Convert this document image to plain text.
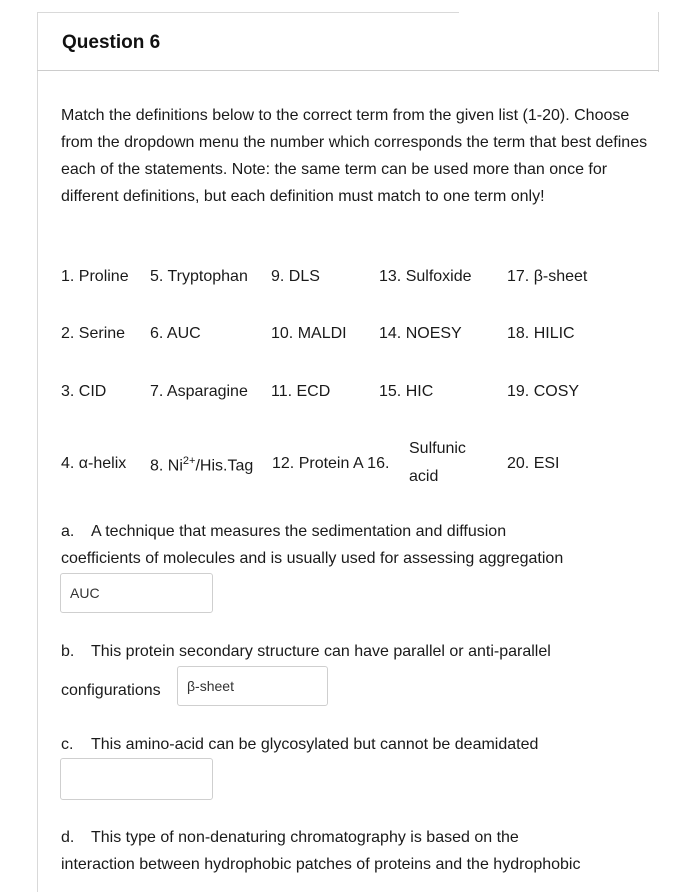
Question 6
Match the definitions below to the correct term from the given list (1-20). Choose from the dropdown menu the number which corresponds the term that best defines each of the statements. Note: the same term can be used more than once for different definitions, but each definition must match to one term only!
1. Proline 5. Tryptophan 9. DLS	13. Sulfoxide 17. β-sheet
2. Serine 6. AUC	10. MALDI 14. NOESY	18. HILIC
3. CID	7. Asparagine 11. ECD	15. HIC	19. COSY
4. α-helix 8. $Ni^{2+}/His.Tag$ 12. Protein A 16.
Sulfunic
acid
20. ESI
a. A technique that measures the sedimentation and diffusion
coefficients of molecules and is usually used for assessing aggregation
AUC
b. This protein secondary structure can have parallel or anti-parallel
configurations	β-sheet
c. This amino-acid can be glycosylated but cannot be deamidated
d. This type of non-denaturing chromatography is based on the
interaction between hydrophobic patches of proteins and the hydrophobic
